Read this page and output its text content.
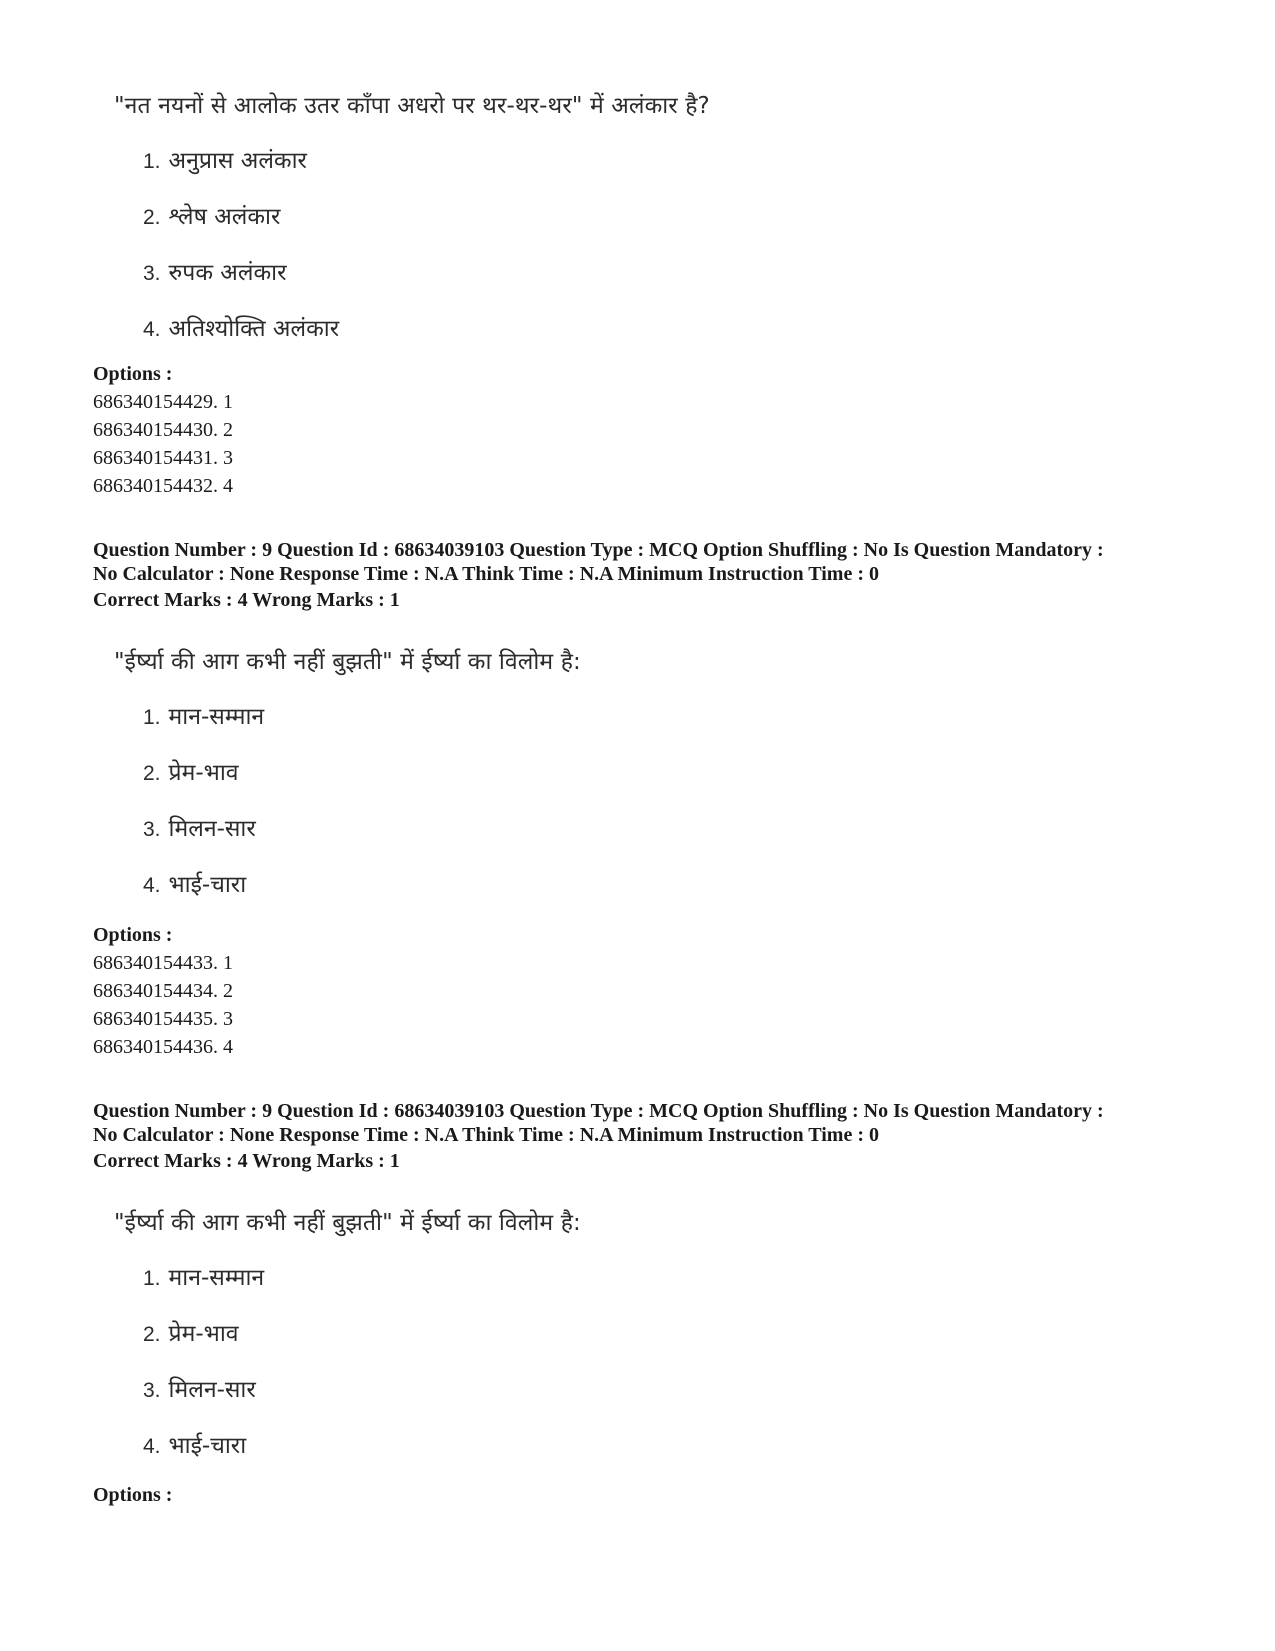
"नत नयनों से आलोक उतर काँपा अधरो पर थर-थर-थर" में अलंकार है?
1. अनुप्रास अलंकार
2. श्लेष अलंकार
3. रुपक अलंकार
4. अतिश्योक्ति अलंकार
Options :
686340154429. 1
686340154430. 2
686340154431. 3
686340154432. 4
Question Number : 9 Question Id : 68634039103 Question Type : MCQ Option Shuffling : No Is Question Mandatory :
No Calculator : None Response Time : N.A Think Time : N.A Minimum Instruction Time : 0
Correct Marks : 4 Wrong Marks : 1
"ईर्ष्या की आग कभी नहीं बुझती" में ईर्ष्या का विलोम है:
1. मान-सम्मान
2. प्रेम-भाव
3. मिलन-सार
4. भाई-चारा
Options :
686340154433. 1
686340154434. 2
686340154435. 3
686340154436. 4
Question Number : 9 Question Id : 68634039103 Question Type : MCQ Option Shuffling : No Is Question Mandatory :
No Calculator : None Response Time : N.A Think Time : N.A Minimum Instruction Time : 0
Correct Marks : 4 Wrong Marks : 1
"ईर्ष्या की आग कभी नहीं बुझती" में ईर्ष्या का विलोम है:
1. मान-सम्मान
2. प्रेम-भाव
3. मिलन-सार
4. भाई-चारा
Options :
